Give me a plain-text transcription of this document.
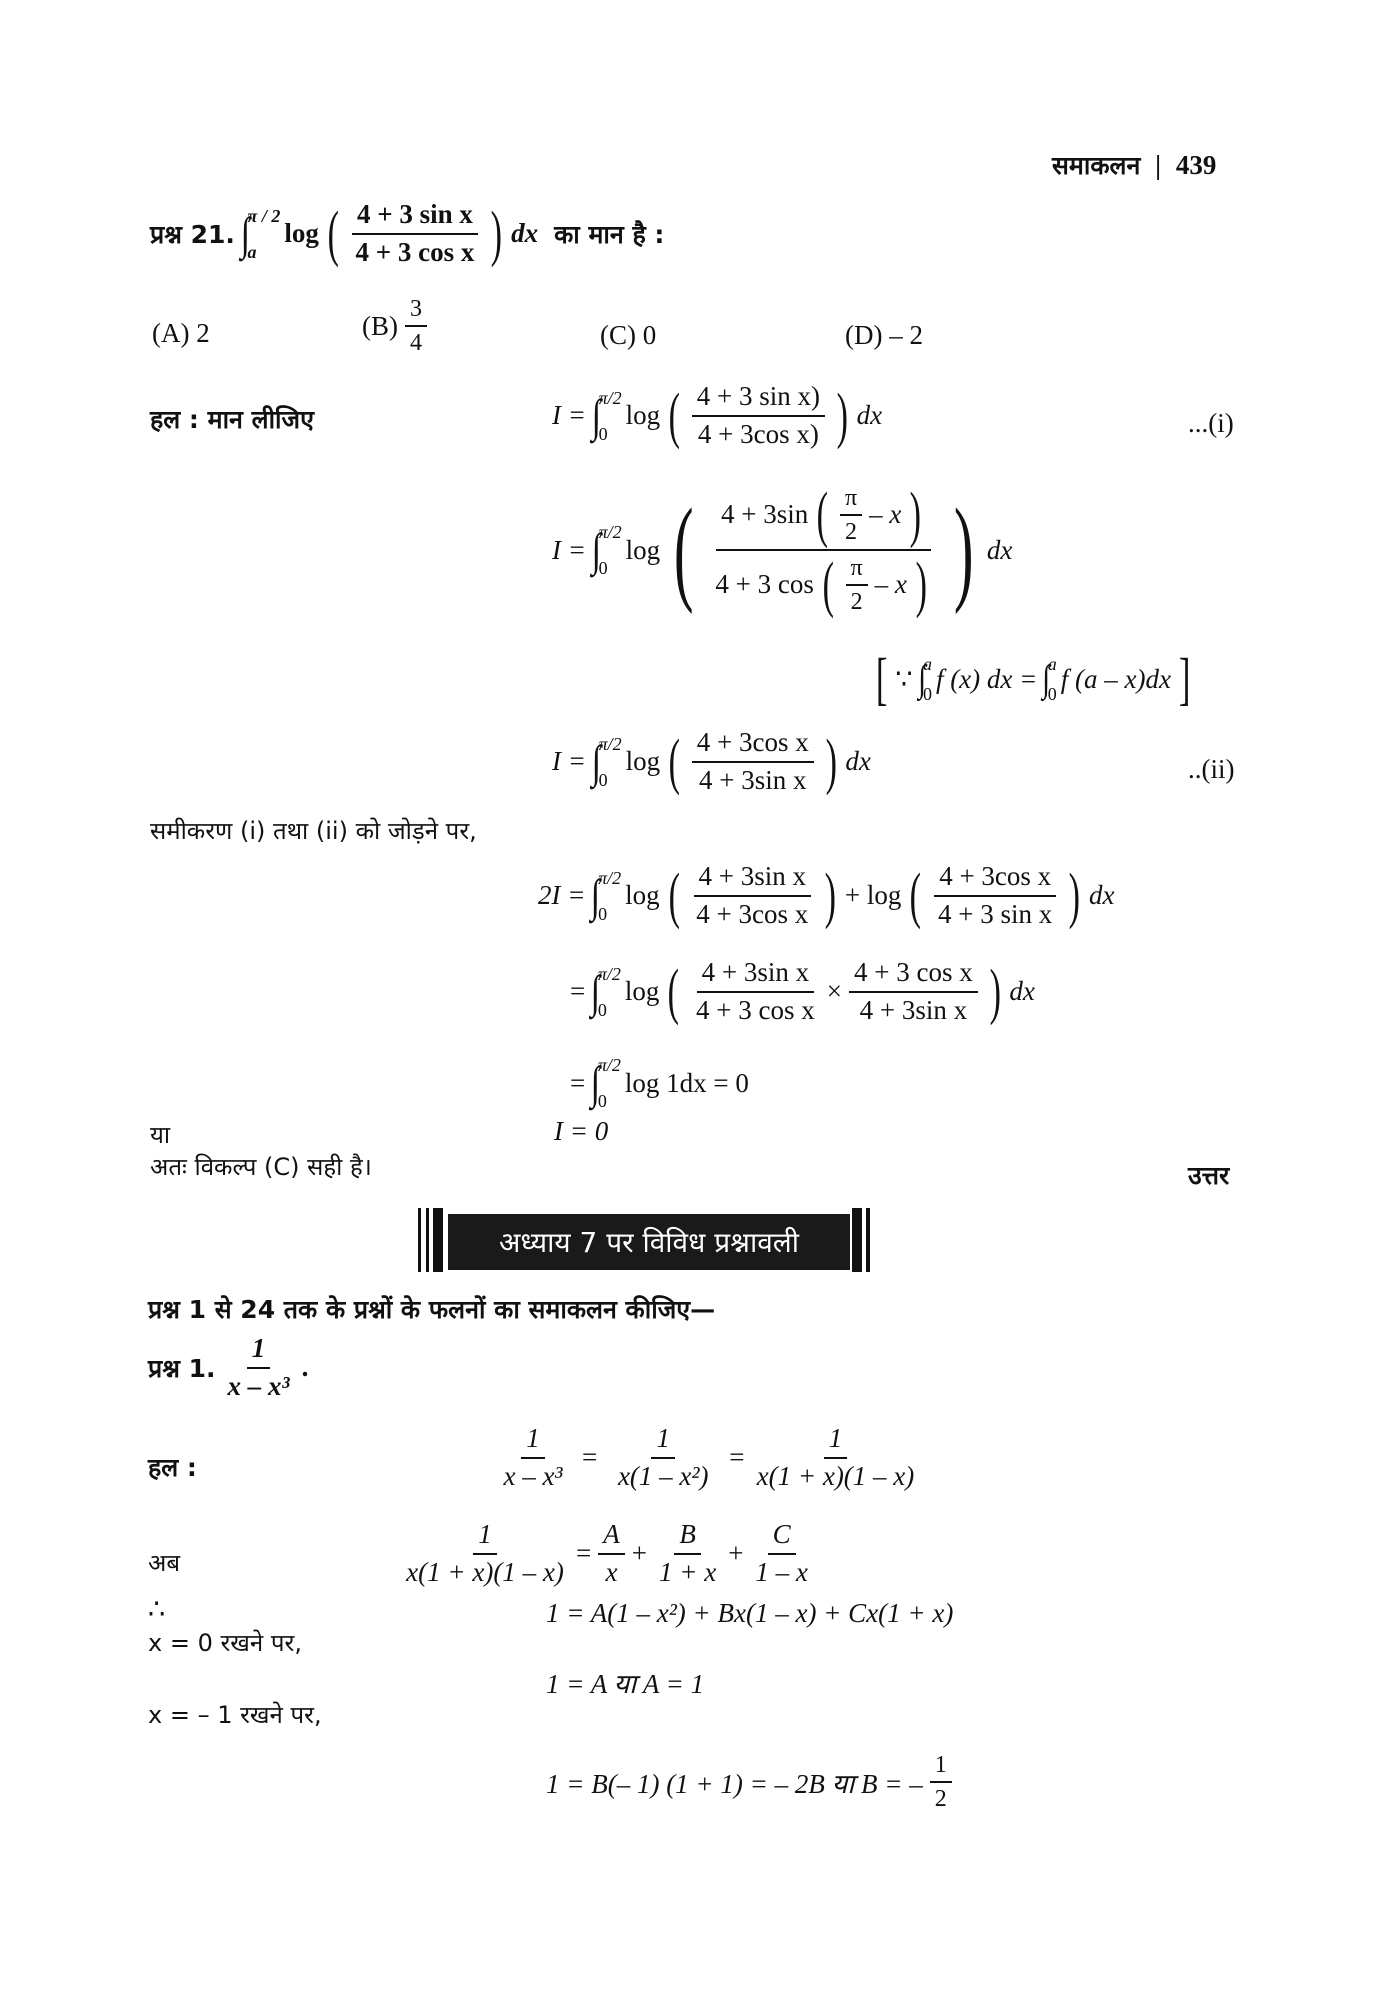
समाकलन | 439
प्रश्न 21. ∫
π / 2
a
log ( $\frac{\text{4 + 3 sin x}}{\text{4 + 3 cos x}}$ ) dx का मान है :
(A) 2	$(B) \frac{3}{4}$	(C) 0	(D) – 2
हल : मान लीजिए	I = ∫
π/2
0
log ( $\frac{\text{4 + 3 sin x)}}{\text{4 + 3cos x)}}$ ) dx	...(i)
I = ∫
π/2
0
log ( $\frac{4 + 3\sin ( \frac{\pi}{2} - x )}{4 + 3 \cos ( \frac{\pi}{2} - x )}$ ) dx
[ ∵ ∫
a
0
f (x) dx = ∫
a
0
f (a – x)dx ]
I = ∫
π/2
0
log ( $\frac{\text{4 + 3cos x}}{\text{4 + 3sin x}}$ ) dx	..(ii)
समीकरण (i) तथा (ii) को जोड़ने पर,
2I = ∫
π/2
0
log ( $\frac{\text{4 + 3sin x}}{\text{4 + 3cos x}}$ ) + log ( $\frac{\text{4 + 3cos x}}{\text{4 + 3 sin x}}$ ) dx
= ∫
π/2
0
log ( $\frac{\text{4 + 3sin x}}{\text{4 + 3 cos x}} \times \frac{\text{4 + 3 cos x}}{\text{4 + 3sin x}}$ ) dx
= ∫
π/2
0
log 1dx = 0
या	I = 0
अतः विकल्प (C) सही है।	उत्तर
अध्याय 7 पर विविध प्रश्नावली
प्रश्न 1 से 24 तक के प्रश्नों के फलनों का समाकलन कीजिए—
प्रश्न 1. $\frac{1}{\text{x – x³}}$ .
हल :	$\frac{1}{\text{x – x³}} = \frac{1}{\text{x(1 – x²)}} = \frac{1}{x(1 + x)(1 - x)}$
अब	$\frac{1}{x(1 + x)(1 - x)} = \frac{A}{x} + \frac{B}{1 + x} + \frac{C}{1 - x}$
∴	1 = A(1 – x²) + Bx(1 – x) + Cx(1 + x)
x = 0 रखने पर,
1 = A या A = 1
x = – 1 रखने पर,
1 = B(– 1) (1 + 1) = – 2B या B = – $\frac{1}{2}$
